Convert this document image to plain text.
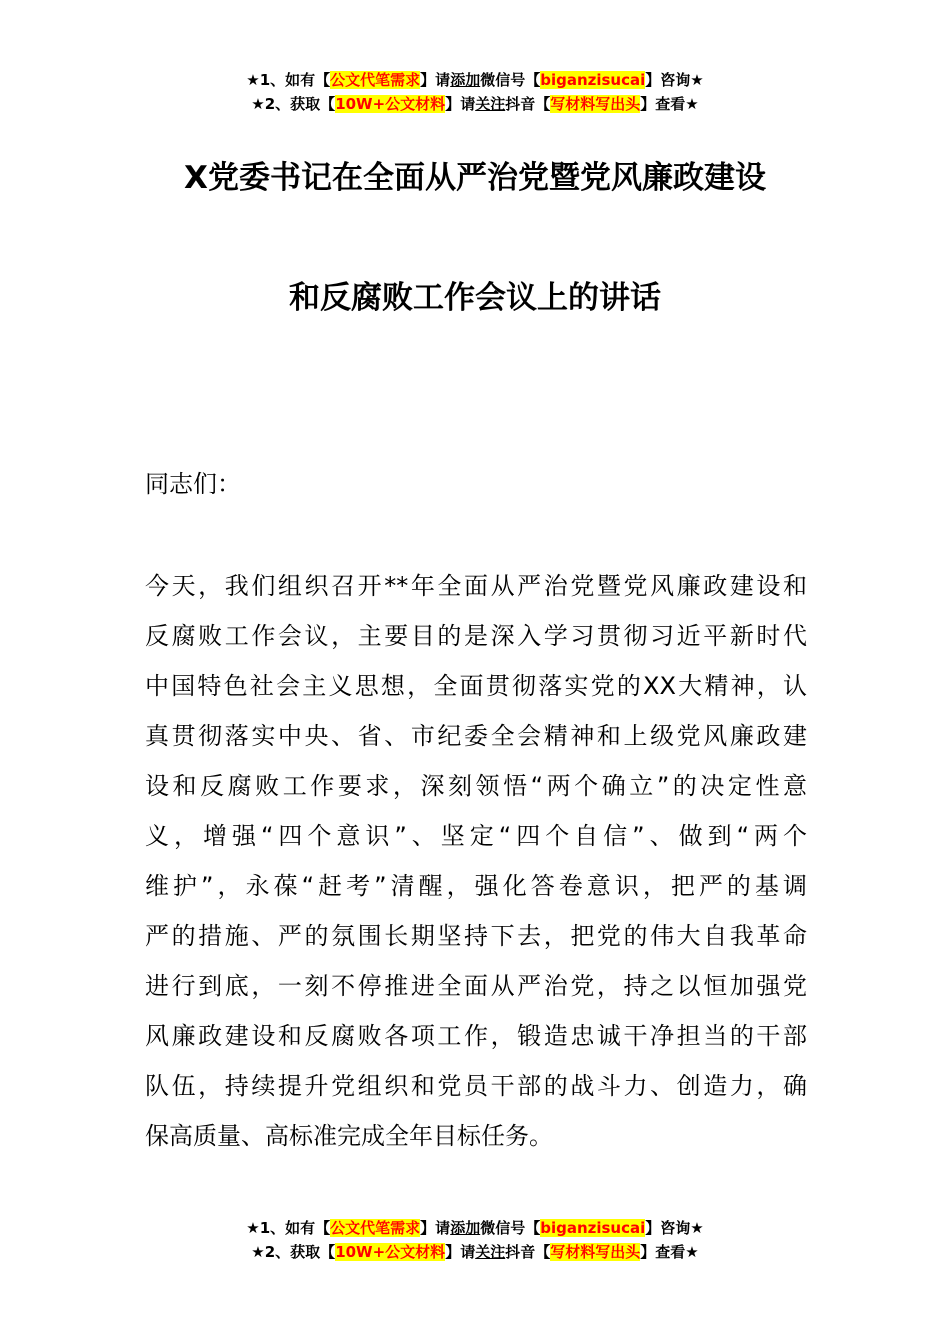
★1、如有【公文代笔需求】请添加微信号【biganzisucai】咨询★
★2、获取【10W+公文材料】请关注抖音【写材料写出头】查看★
X党委书记在全面从严治党暨党风廉政建设
和反腐败工作会议上的讲话
同志们：
今天，我们组织召开**年全面从严治党暨党风廉政建设和
反腐败工作会议，主要目的是深入学习贯彻习近平新时代
中国特色社会主义思想，全面贯彻落实党的XX大精神，认
真贯彻落实中央、省、市纪委全会精神和上级党风廉政建
设和反腐败工作要求，深刻领悟“两个确立”的决定性意
义，增强“四个意识”、坚定“四个自信”、做到“两个
维护”，永葆“赶考”清醒，强化答卷意识，把严的基调
严的措施、严的氛围长期坚持下去，把党的伟大自我革命
进行到底，一刻不停推进全面从严治党，持之以恒加强党
风廉政建设和反腐败各项工作，锻造忠诚干净担当的干部
队伍，持续提升党组织和党员干部的战斗力、创造力，确
保高质量、高标准完成全年目标任务。
★1、如有【公文代笔需求】请添加微信号【biganzisucai】咨询★
★2、获取【10W+公文材料】请关注抖音【写材料写出头】查看★
